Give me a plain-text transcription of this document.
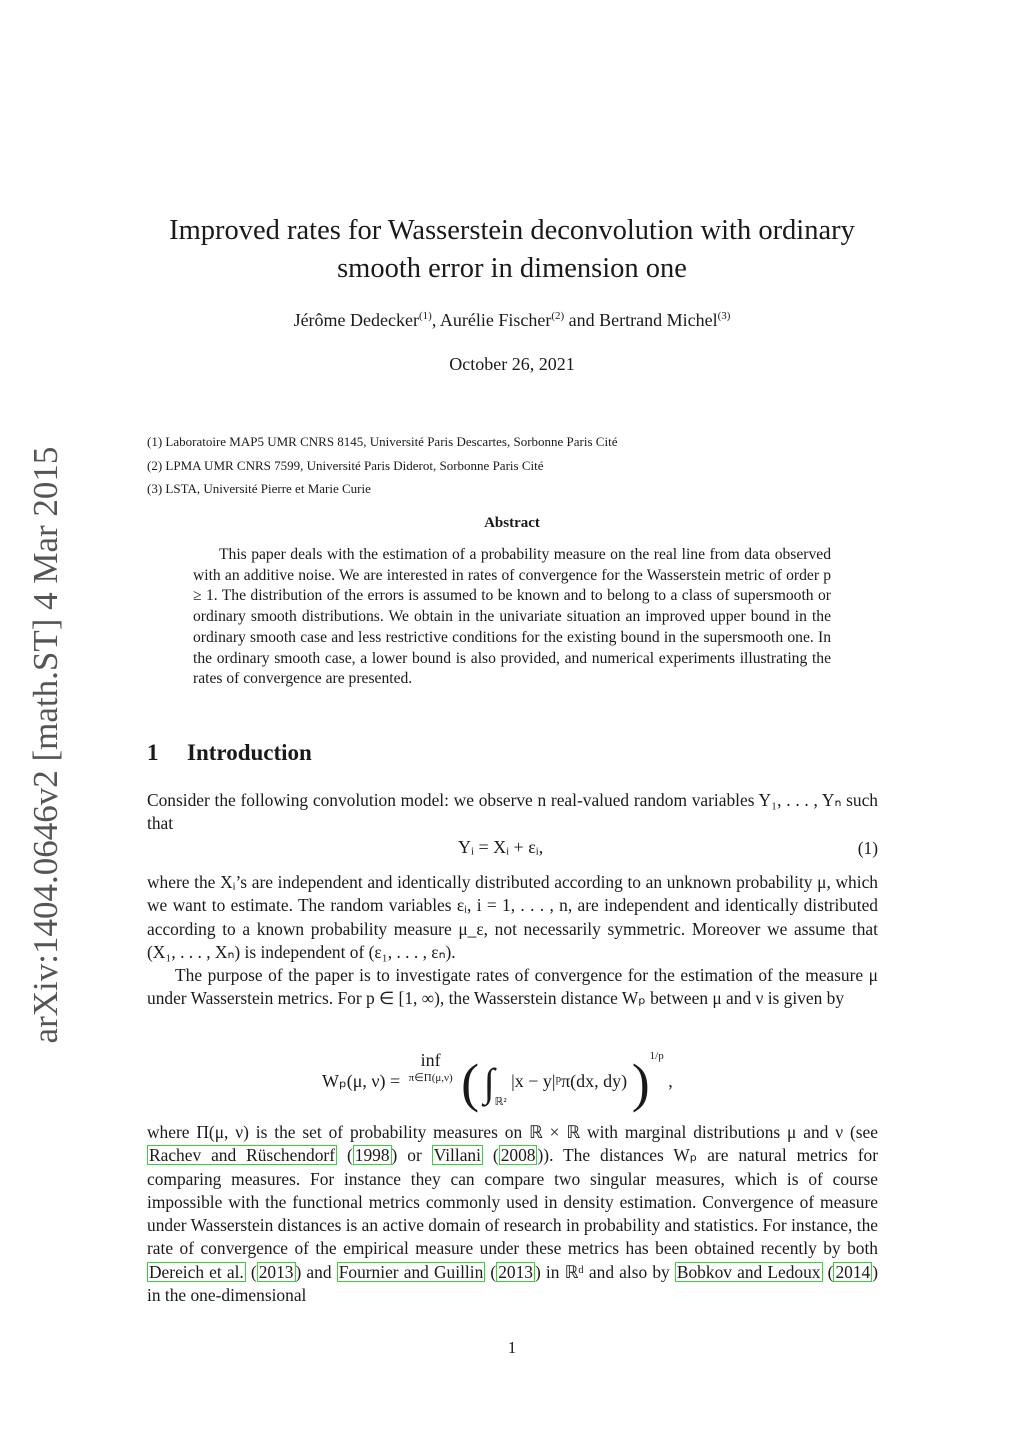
arXiv:1404.0646v2 [math.ST] 4 Mar 2015
Improved rates for Wasserstein deconvolution with ordinary
smooth error in dimension one
Jérôme Dedecker$^{(1)}$, Aurélie Fischer$^{(2)}$ and Bertrand Michel$^{(3)}$
October 26, 2021
(1) Laboratoire MAP5 UMR CNRS 8145, Université Paris Descartes, Sorbonne Paris Cité
(2) LPMA UMR CNRS 7599, Université Paris Diderot, Sorbonne Paris Cité
(3) LSTA, Université Pierre et Marie Curie
Abstract
This paper deals with the estimation of a probability measure on the real line from data observed with an additive noise. We are interested in rates of convergence for the Wasserstein metric of order p ≥ 1. The distribution of the errors is assumed to be known and to belong to a class of supersmooth or ordinary smooth distributions. We obtain in the univariate situation an improved upper bound in the ordinary smooth case and less restrictive conditions for the existing bound in the supersmooth one. In the ordinary smooth case, a lower bound is also provided, and numerical experiments illustrating the rates of convergence are presented.
1 Introduction
Consider the following convolution model: we observe n real-valued random variables Y₁, . . . , Yₙ such that
Yᵢ = Xᵢ + εᵢ,	(1)
where the Xᵢ’s are independent and identically distributed according to an unknown probability μ, which we want to estimate. The random variables εᵢ, i = 1, . . . , n, are independent and identically distributed according to a known probability measure μ_ε, not necessarily symmetric. Moreover we assume that (X₁, . . . , Xₙ) is independent of (ε₁, . . . , εₙ).
The purpose of the paper is to investigate rates of convergence for the estimation of the measure μ under Wasserstein metrics. For p ∈ [1, ∞), the Wasserstein distance Wₚ between μ and ν is given by
Wₚ(μ, ν) =
inf
π∈Π(μ,ν) ( $\int_{ℝ^2}$ |x − y|ᵖπ(dx, dy) )$^{1/p}$ ,
where Π(μ, ν) is the set of probability measures on ℝ × ℝ with marginal distributions μ and ν (see Rachev and Rüschendorf ( 1998 ) or Villani ( 2008 )). The distances Wₚ are natural metrics for comparing measures. For instance they can compare two singular measures, which is of course impossible with the functional metrics commonly used in density estimation. Convergence of measure under Wasserstein distances is an active domain of research in probability and statistics. For instance, the rate of convergence of the empirical measure under these metrics has been obtained recently by both Dereich et al. ( 2013 ) and Fournier and Guillin ( 2013 ) in ℝᵈ and also by Bobkov and Ledoux ( 2014 ) in the one-dimensional
1
